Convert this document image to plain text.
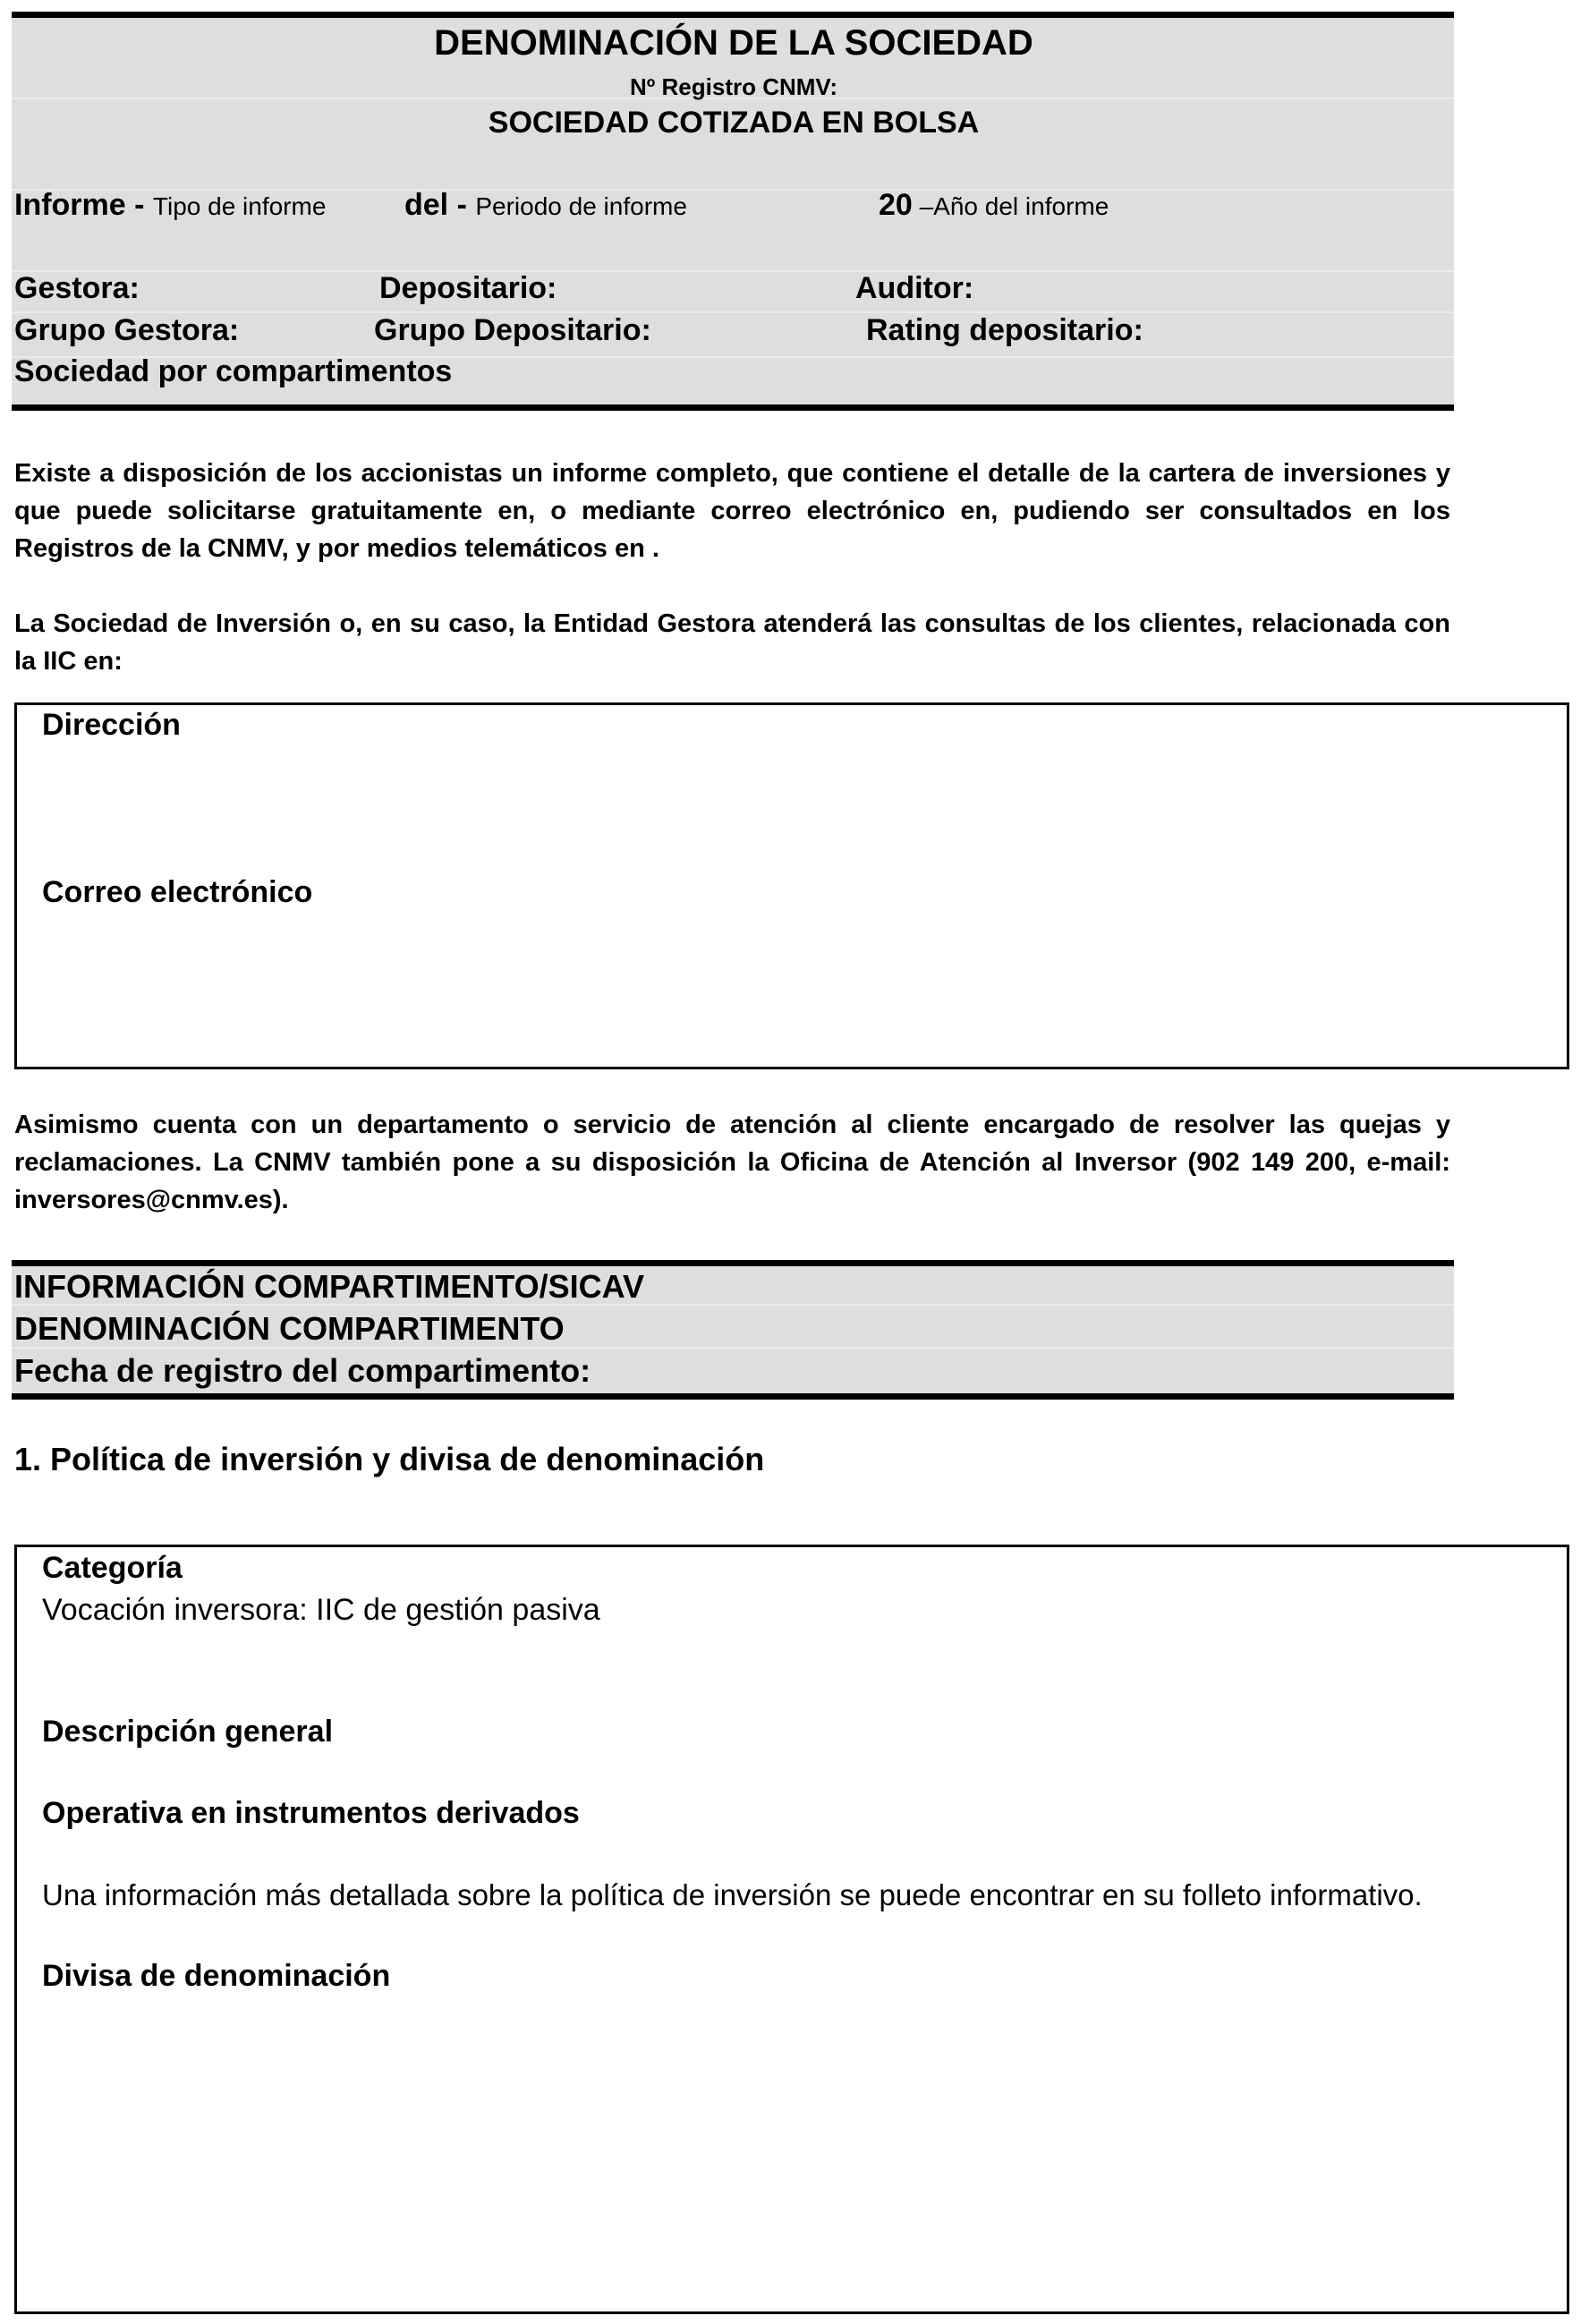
DENOMINACIÓN DE LA SOCIEDAD
Nº Registro CNMV:
SOCIEDAD COTIZADA EN BOLSA
Informe - Tipo de informe	del - Periodo de informe	20 –Año del informe
Gestora:	Depositario:	Auditor:
Grupo Gestora:	Grupo Depositario:	Rating depositario:
Sociedad por compartimentos
Existe a disposición de los accionistas un informe completo, que contiene el detalle de la cartera de inversiones y que puede solicitarse gratuitamente en, o mediante correo electrónico en, pudiendo ser consultados en los Registros de la CNMV, y por medios telemáticos en .
La Sociedad de Inversión o, en su caso, la Entidad Gestora atenderá las consultas de los clientes, relacionada con la IIC en:
Dirección
Correo electrónico
Asimismo cuenta con un departamento o servicio de atención al cliente encargado de resolver las quejas y reclamaciones. La CNMV también pone a su disposición la Oficina de Atención al Inversor (902 149 200, e-mail: inversores@cnmv.es).
INFORMACIÓN COMPARTIMENTO/SICAV
DENOMINACIÓN COMPARTIMENTO
Fecha de registro del compartimento:
1. Política de inversión y divisa de denominación
Categoría
Vocación inversora: IIC de gestión pasiva
Descripción general
Operativa en instrumentos derivados
Una información más detallada sobre la política de inversión se puede encontrar en su folleto informativo.
Divisa de denominación
